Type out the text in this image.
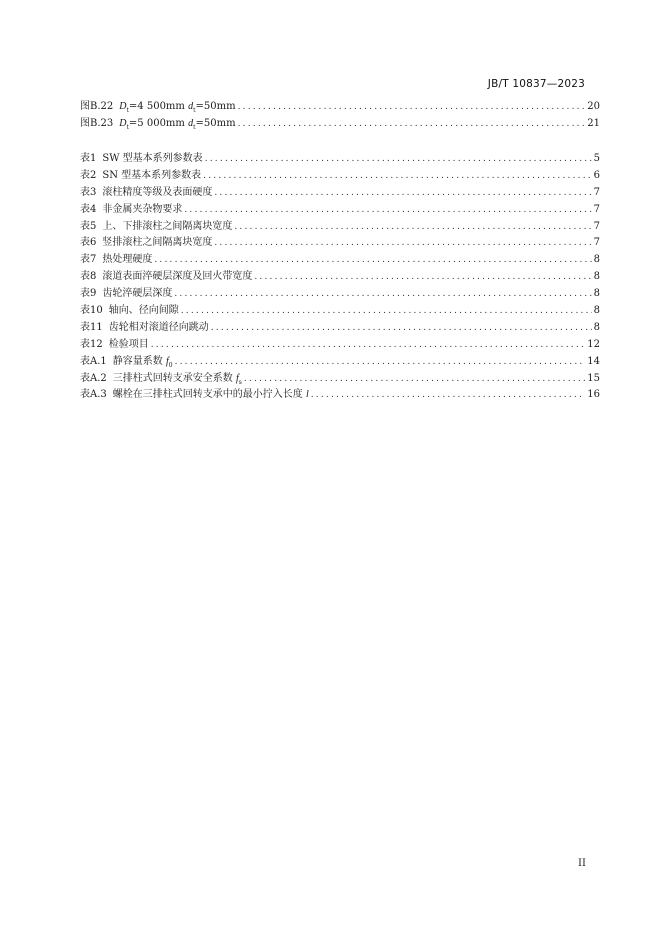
JB/T 10837—2023
图B.22 $D_t=4$ 500mm $d_t=50mm$ .....	20
图B.23 $D_t=5$ 000mm $d_t=50mm$ .....	21
表1 SW 型基本系列参数表 .....	5
表2 SN 型基本系列参数表 .....	6
表3 滚柱精度等级及表面硬度 .....	7
表4 非金属夹杂物要求 .....	7
表5 上、下排滚柱之间隔离块宽度 .....	7
表6 竖排滚柱之间隔离块宽度 .....	7
表7 热处理硬度 .....	8
表8 滚道表面淬硬层深度及回火带宽度 .....	8
表9 齿轮淬硬层深度 .....	8
表10 轴向、径向间隙 .....	8
表11 齿轮相对滚道径向跳动 .....	8
表12 检验项目 .....	12
表A.1 静容量系数 $f_0$ .....	14
表A.2 三排柱式回转支承安全系数 $f_s$ .....	15
表A.3 螺栓在三排柱式回转支承中的最小拧入长度 l .....	16
II
